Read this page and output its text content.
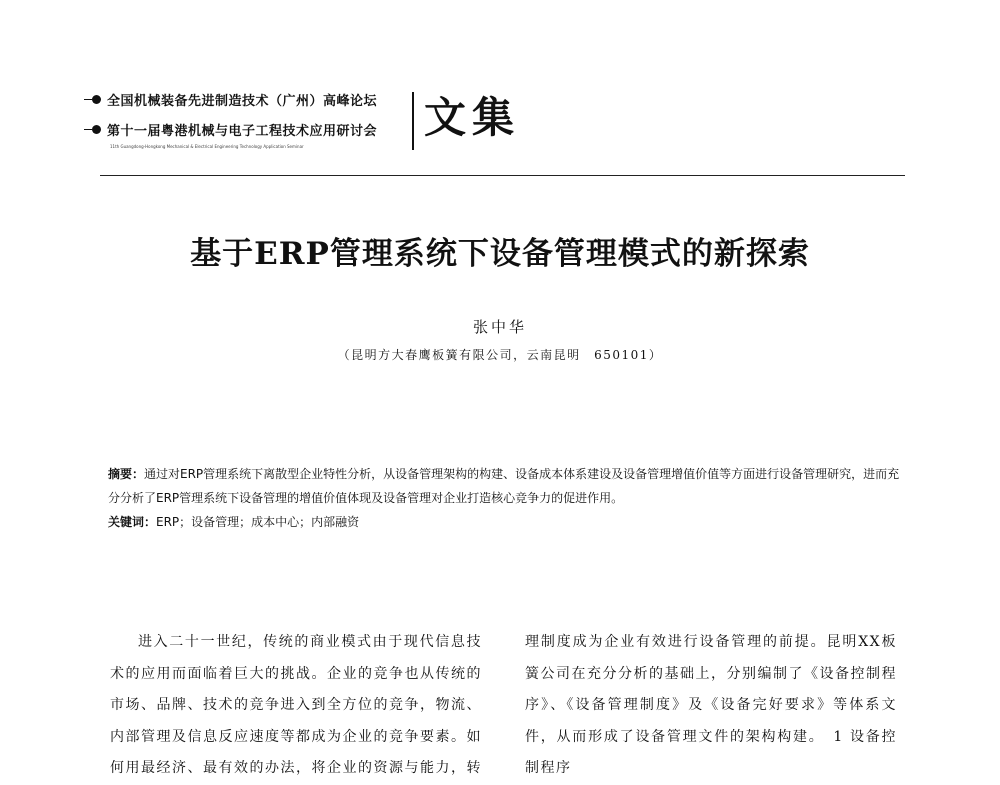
全国机械装备先进制造技术（广州）高峰论坛
第十一届粤港机械与电子工程技术应用研讨会
11th Guangdong-Hongkong Mechanical & Electrical Engineering Technology Application Seminar
文集
基于ERP管理系统下设备管理模式的新探索
张中华
（昆明方大春鹰板簧有限公司，云南昆明　650101）
摘要：通过对ERP管理系统下离散型企业特性分析，从设备管理架构的构建、设备成本体系建设及设备管理增值价值等方面进行设备管理研究，进而充分分析了ERP管理系统下设备管理的增值价值体现及设备管理对企业打造核心竞争力的促进作用。
关键词：ERP；设备管理；成本中心；内部融资
进入二十一世纪，传统的商业模式由于现代信息技术的应用而面临着巨大的挑战。企业的竞争也从传统的市场、品牌、技术的竞争进入到全方位的竞争，物流、内部管理及信息反应速度等都成为企业的竞争要素。如何用最经济、最有效的办法，将企业的资源与能力，转
理制度成为企业有效进行设备管理的前提。昆明XX板簧公司在充分分析的基础上，分别编制了《设备控制程序》、《设备管理制度》及《设备完好要求》等体系文件，从而形成了设备管理文件的架构构建。　1 设备控制程序
